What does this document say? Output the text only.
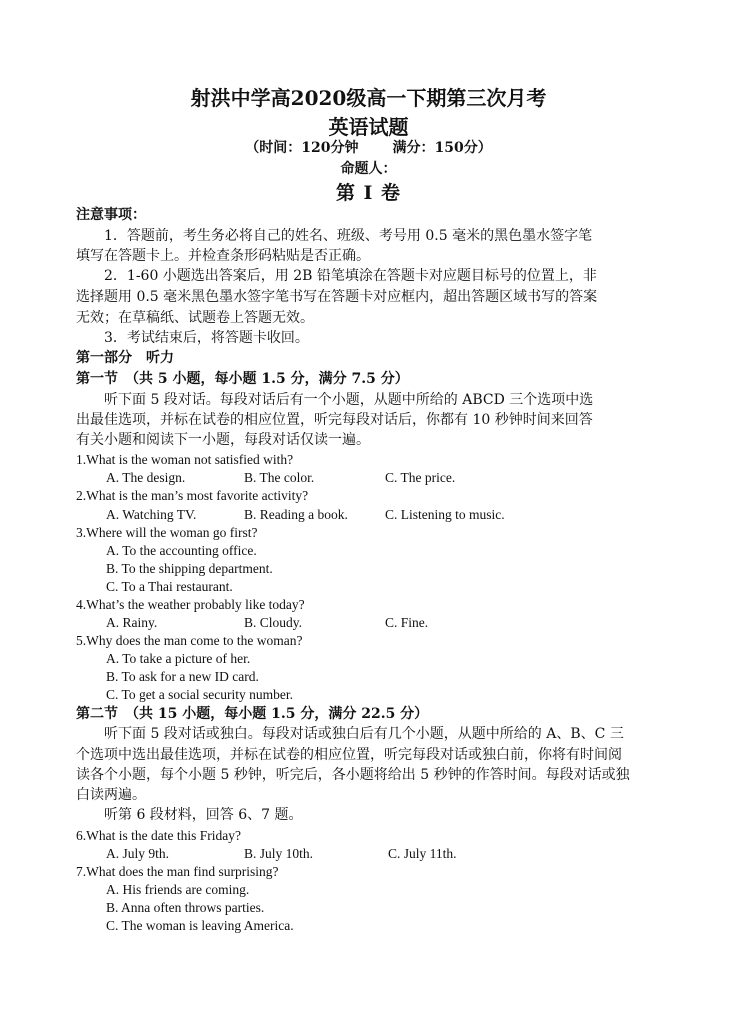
射洪中学高2020级高一下期第三次月考
英语试题
（时间：120分钟 满分：150分）
命题人：
第 I 卷
注意事项：
1．答题前，考生务必将自己的姓名、班级、考号用 0.5 毫米的黑色墨水签字笔
填写在答题卡上。并检查条形码粘贴是否正确。
2．1-60 小题选出答案后，用 2B 铅笔填涂在答题卡对应题目标号的位置上，非
选择题用 0.5 毫米黑色墨水签字笔书写在答题卡对应框内，超出答题区域书写的答案
无效；在草稿纸、试题卷上答题无效。
3．考试结束后，将答题卡收回。
第一部分　听力
第一节　（共 5 小题，每小题 1.5 分，满分 7.5 分）
听下面 5 段对话。每段对话后有一个小题，从题中所给的 ABCD 三个选项中选
出最佳选项，并标在试卷的相应位置，听完每段对话后，你都有 10 秒钟时间来回答
有关小题和阅读下一小题，每段对话仅读一遍。
1.What is the woman not satisfied with?
A. The design.	B. The color.	C. The price.
2.What is the man’s most favorite activity?
A. Watching TV.	B. Reading a book.	C. Listening to music.
3.Where will the woman go first?
A. To the accounting office.
B. To the shipping department.
C. To a Thai restaurant.
4.What’s the weather probably like today?
A. Rainy.	B. Cloudy.	C. Fine.
5.Why does the man come to the woman?
A. To take a picture of her.
B. To ask for a new ID card.
C. To get a social security number.
第二节　（共 15 小题，每小题 1.5 分，满分 22.5 分）
听下面 5 段对话或独白。每段对话或独白后有几个小题，从题中所给的 A、B、C 三
个选项中选出最佳选项，并标在试卷的相应位置，听完每段对话或独白前，你将有时间阅
读各个小题，每个小题 5 秒钟，听完后，各小题将给出 5 秒钟的作答时间。每段对话或独
白读两遍。
听第 6 段材料，回答 6、7 题。
6.What is the date this Friday?
A. July 9th.	B. July 10th.	C. July 11th.
7.What does the man find surprising?
A. His friends are coming.
B. Anna often throws parties.
C. The woman is leaving America.
